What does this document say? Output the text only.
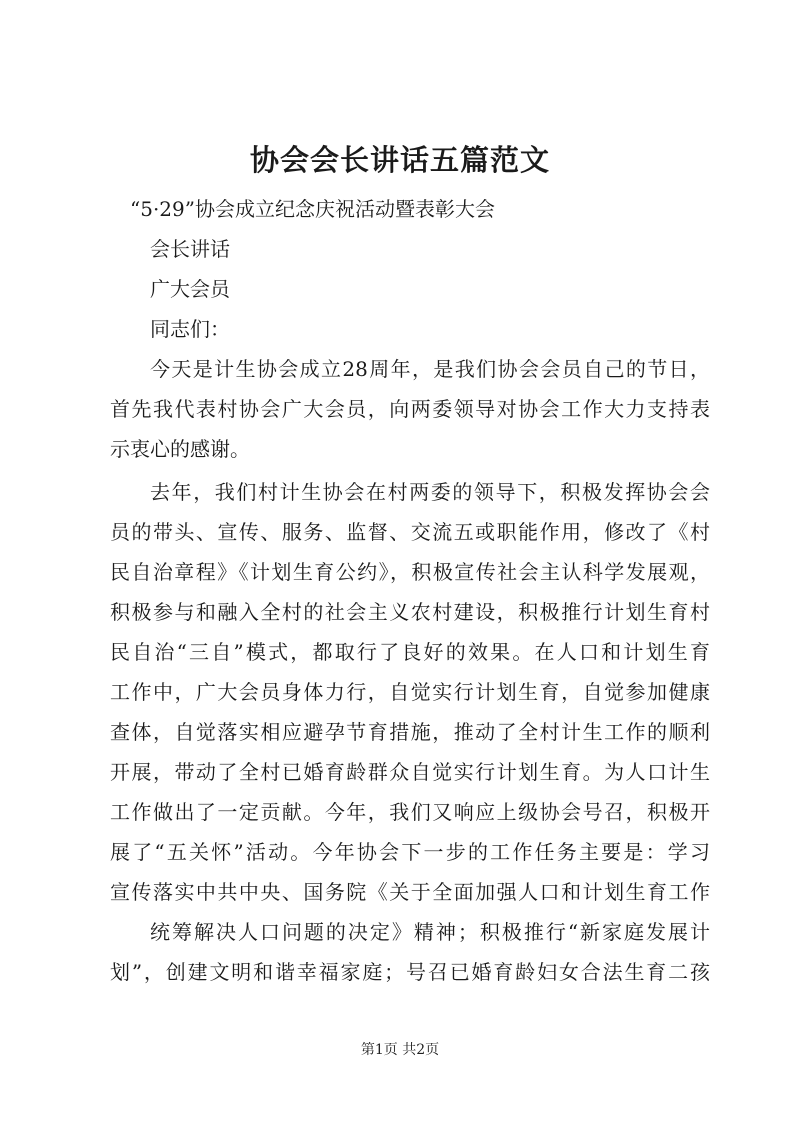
协会会长讲话五篇范文
“5·29”协会成立纪念庆祝活动暨表彰大会
会长讲话
广大会员
同志们：
今天是计生协会成立28周年，是我们协会会员自己的节日，
首先我代表村协会广大会员，向两委领导对协会工作大力支持表
示衷心的感谢。
去年，我们村计生协会在村两委的领导下，积极发挥协会会
员的带头、宣传、服务、监督、交流五或职能作用，修改了《村
民自治章程》《计划生育公约》，积极宣传社会主认科学发展观，
积极参与和融入全村的社会主义农村建设，积极推行计划生育村
民自治“三自”模式，都取行了良好的效果。在人口和计划生育
工作中，广大会员身体力行，自觉实行计划生育，自觉参加健康
查体，自觉落实相应避孕节育措施，推动了全村计生工作的顺利
开展，带动了全村已婚育龄群众自觉实行计划生育。为人口计生
工作做出了一定贡献。今年，我们又响应上级协会号召，积极开
展了“五关怀”活动。今年协会下一步的工作任务主要是：学习
宣传落实中共中央、国务院《关于全面加强人口和计划生育工作
统筹解决人口问题的决定》精神；积极推行“新家庭发展计
划”，创建文明和谐幸福家庭；号召已婚育龄妇女合法生育二孩
第1页 共2页
